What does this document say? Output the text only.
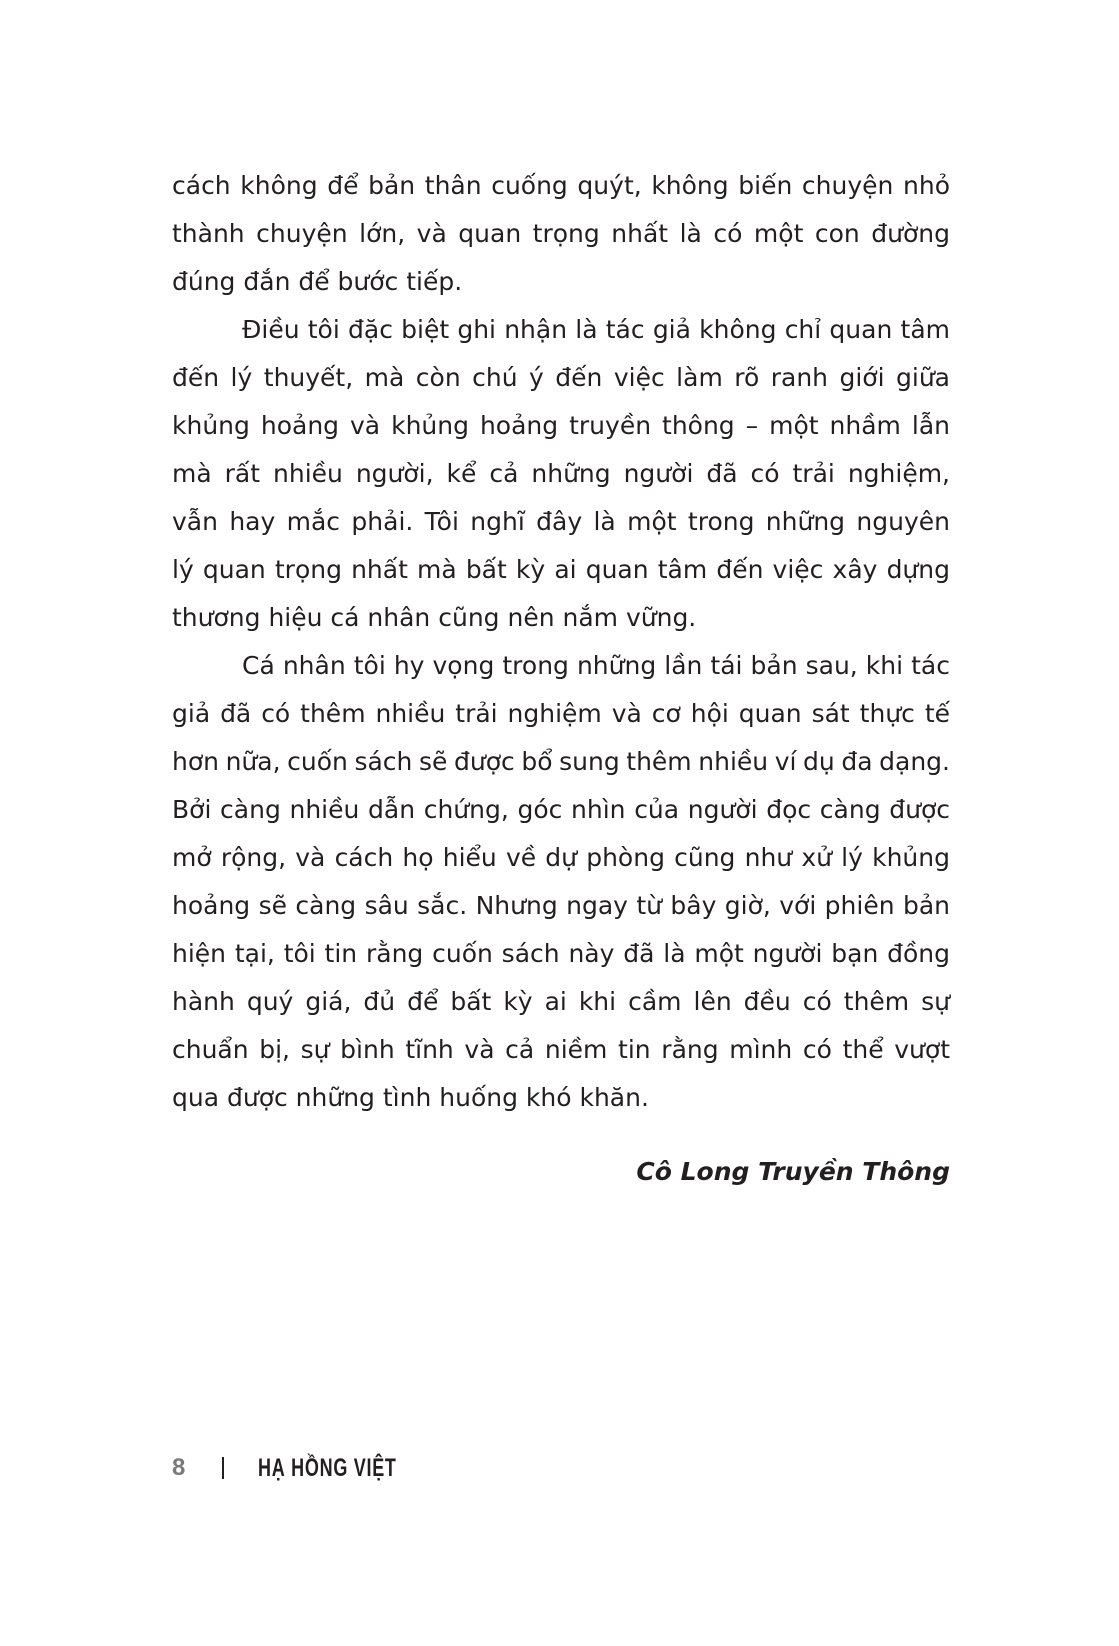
cách không để bản thân cuống quýt, không biến chuyện nhỏ
thành chuyện lớn, và quan trọng nhất là có một con đường
đúng đắn để bước tiếp.
Điều tôi đặc biệt ghi nhận là tác giả không chỉ quan tâm
đến lý thuyết, mà còn chú ý đến việc làm rõ ranh giới giữa
khủng hoảng và khủng hoảng truyền thông – một nhầm lẫn
mà rất nhiều người, kể cả những người đã có trải nghiệm,
vẫn hay mắc phải. Tôi nghĩ đây là một trong những nguyên
lý quan trọng nhất mà bất kỳ ai quan tâm đến việc xây dựng
thương hiệu cá nhân cũng nên nắm vững.
Cá nhân tôi hy vọng trong những lần tái bản sau, khi tác
giả đã có thêm nhiều trải nghiệm và cơ hội quan sát thực tế
hơn nữa, cuốn sách sẽ được bổ sung thêm nhiều ví dụ đa dạng.
Bởi càng nhiều dẫn chứng, góc nhìn của người đọc càng được
mở rộng, và cách họ hiểu về dự phòng cũng như xử lý khủng
hoảng sẽ càng sâu sắc. Nhưng ngay từ bây giờ, với phiên bản
hiện tại, tôi tin rằng cuốn sách này đã là một người bạn đồng
hành quý giá, đủ để bất kỳ ai khi cầm lên đều có thêm sự
chuẩn bị, sự bình tĩnh và cả niềm tin rằng mình có thể vượt
qua được những tình huống khó khăn.
Cô Long Truyền Thông
8	HẠ HỒNG VIỆT
